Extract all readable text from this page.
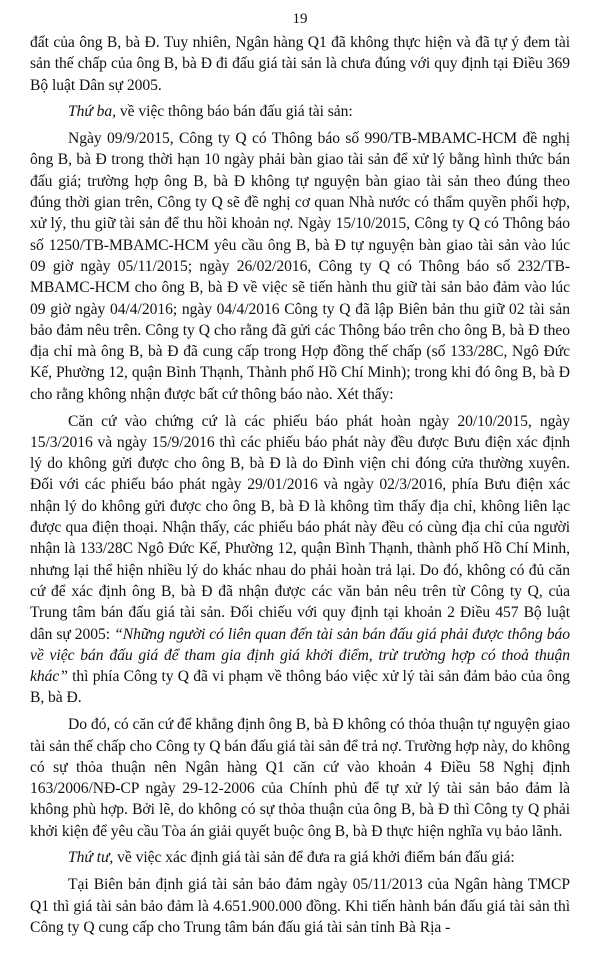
19

đất của ông B, bà Đ. Tuy nhiên, Ngân hàng Q1 đã không thực hiện và đã tự ý đem tài sản thế chấp của ông B, bà Đ đi đấu giá tài sản là chưa đúng với quy định tại Điều 369 Bộ luật Dân sự 2005.

Thứ ba, về việc thông báo bán đấu giá tài sản:

Ngày 09/9/2015, Công ty Q có Thông báo số 990/TB-MBAMC-HCM đề nghị ông B, bà Đ trong thời hạn 10 ngày phải bàn giao tài sản để xử lý bằng hình thức bán đấu giá; trường hợp ông B, bà Đ không tự nguyện bàn giao tài sản theo đúng theo đúng thời gian trên, Công ty Q sẽ đề nghị cơ quan Nhà nước có thẩm quyền phối hợp, xử lý, thu giữ tài sản để thu hồi khoản nợ. Ngày 15/10/2015, Công ty Q có Thông báo số 1250/TB-MBAMC-HCM yêu cầu ông B, bà Đ tự nguyện bàn giao tài sản vào lúc 09 giờ ngày 05/11/2015; ngày 26/02/2016, Công ty Q có Thông báo số 232/TB-MBAMC-HCM cho ông B, bà Đ về việc sẽ tiến hành thu giữ tài sản bảo đảm vào lúc 09 giờ ngày 04/4/2016; ngày 04/4/2016 Công ty Q đã lập Biên bản thu giữ 02 tài sản bảo đảm nêu trên. Công ty Q cho rằng đã gửi các Thông báo trên cho ông B, bà Đ theo địa chỉ mà ông B, bà Đ đã cung cấp trong Hợp đồng thế chấp (số 133/28C, Ngô Đức Kế, Phường 12, quận Bình Thạnh, Thành phố Hồ Chí Minh); trong khi đó ông B, bà Đ cho rằng không nhận được bất cứ thông báo nào. Xét thấy:

Căn cứ vào chứng cứ là các phiếu báo phát hoàn ngày 20/10/2015, ngày 15/3/2016 và ngày 15/9/2016 thì các phiếu báo phát này đều được Bưu điện xác định lý do không gửi được cho ông B, bà Đ là do Đình viện chi đóng cửa thường xuyên. Đối với các phiếu báo phát ngày 29/01/2016 và ngày 02/3/2016, phía Bưu điện xác nhận lý do không gửi được cho ông B, bà Đ là không tìm thấy địa chỉ, không liên lạc được qua điện thoại. Nhận thấy, các phiếu báo phát này đều có cùng địa chỉ của người nhận là 133/28C Ngô Đức Kế, Phường 12, quận Bình Thạnh, thành phố Hồ Chí Minh, nhưng lại thể hiện nhiều lý do khác nhau do phải hoàn trả lại. Do đó, không có đủ căn cứ để xác định ông B, bà Đ đã nhận được các văn bản nêu trên từ Công ty Q, của Trung tâm bán đấu giá tài sản. Đối chiếu với quy định tại khoản 2 Điều 457 Bộ luật dân sự 2005: “Những người có liên quan đến tài sản bán đấu giá phải được thông báo về việc bán đấu giá để tham gia định giá khởi điểm, trừ trường hợp có thoả thuận khác” thì phía Công ty Q đã vi phạm về thông báo việc xử lý tài sản đảm bảo của ông B, bà Đ.

Do đó, có căn cứ để khẳng định ông B, bà Đ không có thỏa thuận tự nguyện giao tài sản thế chấp cho Công ty Q bán đấu giá tài sản để trả nợ. Trường hợp này, do không có sự thỏa thuận nên Ngân hàng Q1 căn cứ vào khoản 4 Điều 58 Nghị định 163/2006/NĐ-CP ngày 29-12-2006 của Chính phủ để tự xử lý tài sản bảo đảm là không phù hợp. Bởi lẽ, do không có sự thỏa thuận của ông B, bà Đ thì Công ty Q phải khởi kiện để yêu cầu Tòa án giải quyết buộc ông B, bà Đ thực hiện nghĩa vụ bảo lãnh.

Thứ tư, về việc xác định giá tài sản để đưa ra giá khởi điểm bán đấu giá:

Tại Biên bản định giá tài sản bảo đảm ngày 05/11/2013 của Ngân hàng TMCP Q1 thì giá tài sản bảo đảm là 4.651.900.000 đồng. Khi tiến hành bán đấu giá tài sản thì Công ty Q cung cấp cho Trung tâm bán đấu giá tài sản tỉnh Bà Rịa -
